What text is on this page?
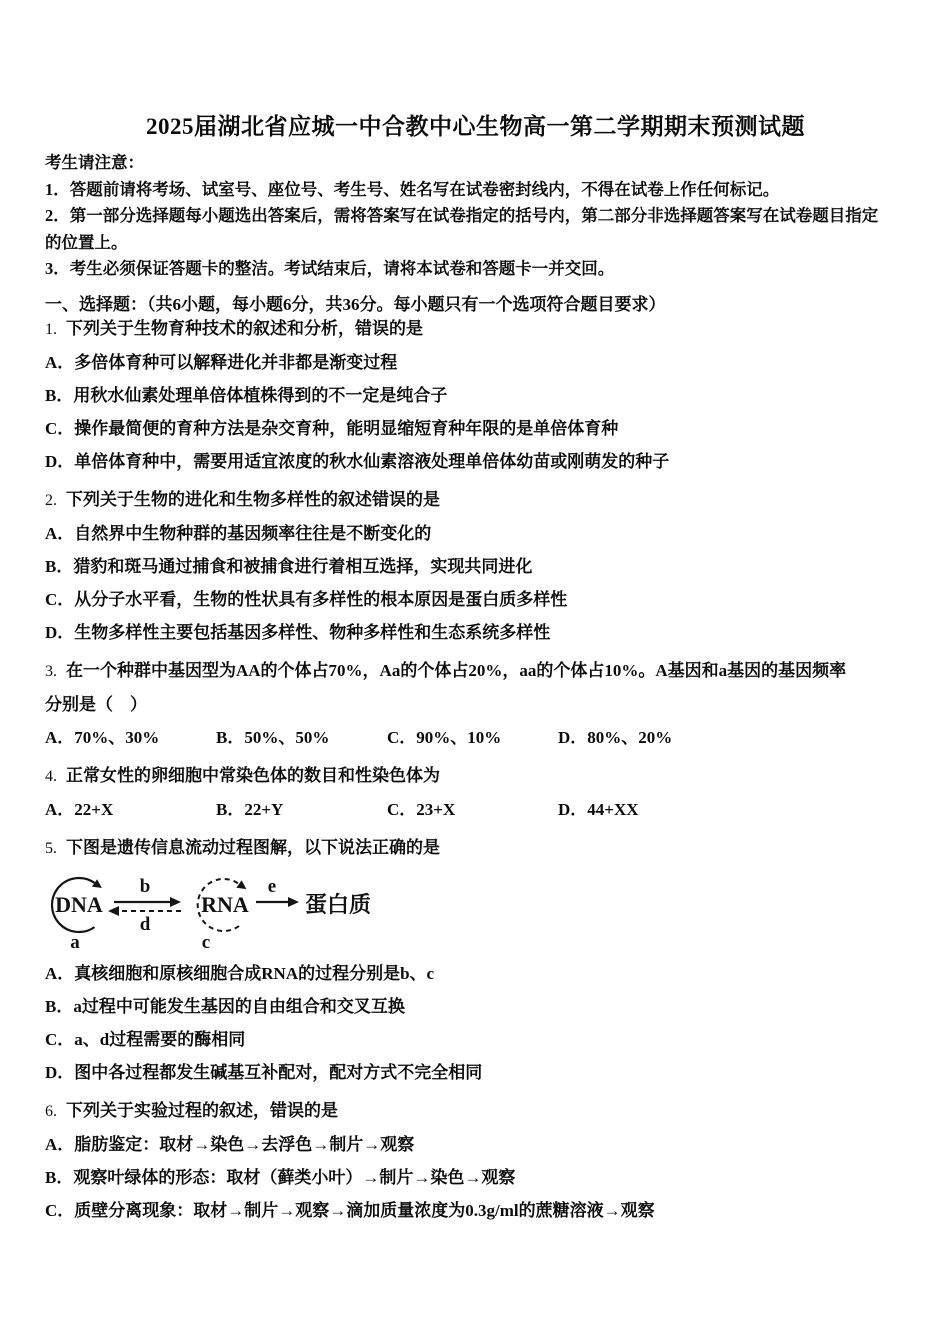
2025届湖北省应城一中合教中心生物高一第二学期期末预测试题
考生请注意：
1．答题前请将考场、试室号、座位号、考生号、姓名写在试卷密封线内，不得在试卷上作任何标记。
2．第一部分选择题每小题选出答案后，需将答案写在试卷指定的括号内，第二部分非选择题答案写在试卷题目指定的位置上。
3．考生必须保证答题卡的整洁。考试结束后，请将本试卷和答题卡一并交回。
一、选择题：（共6小题，每小题6分，共36分。每小题只有一个选项符合题目要求）
1. 下列关于生物育种技术的叙述和分析，错误的是
A．多倍体育种可以解释进化并非都是渐变过程
B．用秋水仙素处理单倍体植株得到的不一定是纯合子
C．操作最简便的育种方法是杂交育种，能明显缩短育种年限的是单倍体育种
D．单倍体育种中，需要用适宜浓度的秋水仙素溶液处理单倍体幼苗或刚萌发的种子
2. 下列关于生物的进化和生物多样性的叙述错误的是
A．自然界中生物种群的基因频率往往是不断变化的
B．猎豹和斑马通过捕食和被捕食进行着相互选择，实现共同进化
C．从分子水平看，生物的性状具有多样性的根本原因是蛋白质多样性
D．生物多样性主要包括基因多样性、物种多样性和生态系统多样性
3. 在一个种群中基因型为AA的个体占70%，Aa的个体占20%，aa的个体占10%。A基因和a基因的基因频率分别是（　）
A．70%、30%	B．50%、50%	C．90%、10%	D．80%、20%
4. 正常女性的卵细胞中常染色体的数目和性染色体为
A．22+X	B．22+Y	C．23+X	D．44+XX
5. 下图是遗传信息流动过程图解，以下说法正确的是
DNA
a
b
d
RNA
c
e
蛋白质
A．真核细胞和原核细胞合成RNA的过程分别是b、c
B．a过程中可能发生基因的自由组合和交叉互换
C．a、d过程需要的酶相同
D．图中各过程都发生碱基互补配对，配对方式不完全相同
6. 下列关于实验过程的叙述，错误的是
A．脂肪鉴定：取材→染色→去浮色→制片→观察
B．观察叶绿体的形态：取材（藓类小叶）→制片→染色→观察
C．质壁分离现象：取材→制片→观察→滴加质量浓度为0.3g/ml的蔗糖溶液→观察
